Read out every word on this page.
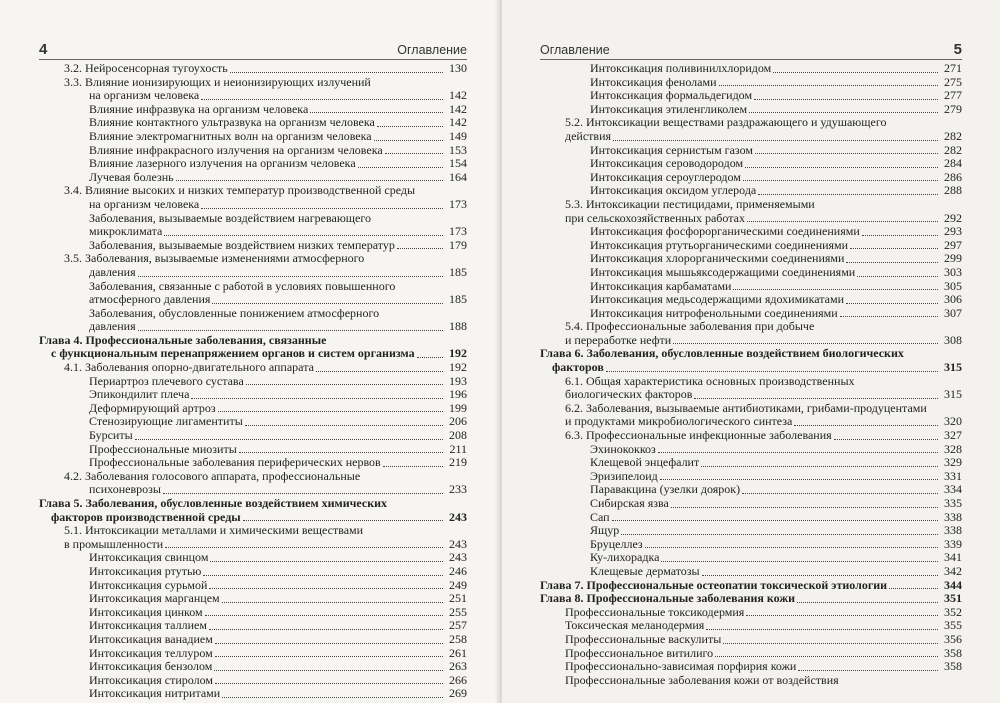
4	Оглавление
3.2. Нейросенсорная тугоухость	130
3.3. Влияние ионизирующих и неионизирующих излучений
на организм человека	142
Влияние инфразвука на организм человека	142
Влияние контактного ультразвука на организм человека	142
Влияние электромагнитных волн на организм человека	149
Влияние инфракрасного излучения на организм человека	153
Влияние лазерного излучения на организм человека	154
Лучевая болезнь	164
3.4. Влияние высоких и низких температур производственной среды
на организм человека	173
Заболевания, вызываемые воздействием нагревающего
микроклимата	173
Заболевания, вызываемые воздействием низких температур	179
3.5. Заболевания, вызываемые изменениями атмосферного
давления	185
Заболевания, связанные с работой в условиях повышенного
атмосферного давления	185
Заболевания, обусловленные понижением атмосферного
давления	188
Глава 4. Профессиональные заболевания, связанные
с функциональным перенапряжением органов и систем организма	192
4.1. Заболевания опорно-двигательного аппарата	192
Периартроз плечевого сустава	193
Эпикондилит плеча	196
Деформирующий артроз	199
Стенозирующие лигаментиты	206
Бурситы	208
Профессиональные миозиты	211
Профессиональные заболевания периферических нервов	219
4.2. Заболевания голосового аппарата, профессиональные
психоневрозы	233
Глава 5. Заболевания, обусловленные воздействием химических
факторов производственной среды	243
5.1. Интоксикации металлами и химическими веществами
в промышленности	243
Интоксикация свинцом	243
Интоксикация ртутью	246
Интоксикация сурьмой	249
Интоксикация марганцем	251
Интоксикация цинком	255
Интоксикация таллием	257
Интоксикация ванадием	258
Интоксикация теллуром	261
Интоксикация бензолом	263
Интоксикация стиролом	266
Интоксикация нитритами	269
Оглавление	5
Интоксикация поливинилхлоридом	271
Интоксикация фенолами	275
Интоксикация формальдегидом	277
Интоксикация этиленгликолем	279
5.2. Интоксикации веществами раздражающего и удушающего
действия	282
Интоксикация сернистым газом	282
Интоксикация сероводородом	284
Интоксикация сероуглеродом	286
Интоксикация оксидом углерода	288
5.3. Интоксикации пестицидами, применяемыми
при сельскохозяйственных работах	292
Интоксикация фосфорорганическими соединениями	293
Интоксикация ртутьорганическими соединениями	297
Интоксикация хлорорганическими соединениями	299
Интоксикация мышьяксодержащими соединениями	303
Интоксикация карбаматами	305
Интоксикация медьсодержащими ядохимикатами	306
Интоксикация нитрофенольными соединениями	307
5.4. Профессиональные заболевания при добыче
и переработке нефти	308
Глава 6. Заболевания, обусловленные воздействием биологических
факторов	315
6.1. Общая характеристика основных производственных
биологических факторов	315
6.2. Заболевания, вызываемые антибиотиками, грибами-продуцентами
и продуктами микробиологического синтеза	320
6.3. Профессиональные инфекционные заболевания	327
Эхинококкоз	328
Клещевой энцефалит	329
Эризипелоид	331
Паравакцина (узелки доярок)	334
Сибирская язва	335
Сап	338
Ящур	338
Бруцеллез	339
Ку-лихорадка	341
Клещевые дерматозы	342
Глава 7. Профессиональные остеопатии токсической этиологии	344
Глава 8. Профессиональные заболевания кожи	351
Профессиональные токсикодермия	352
Токсическая меланодермия	355
Профессиональные васкулиты	356
Профессиональное витилиго	358
Профессионально-зависимая порфирия кожи	358
Профессиональные заболевания кожи от воздействия
